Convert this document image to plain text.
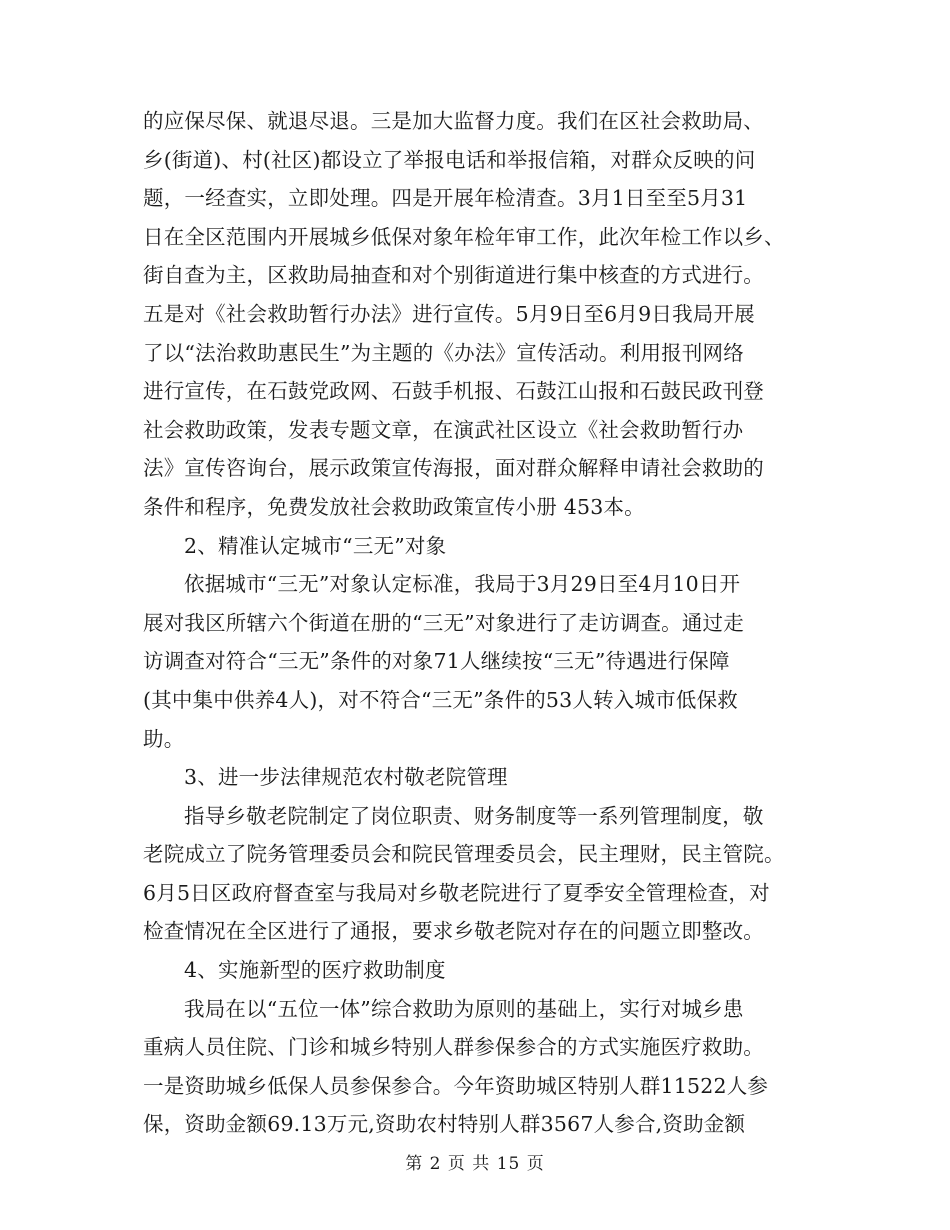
的应保尽保、就退尽退。三是加大监督力度。我们在区社会救助局、
乡(街道)、村(社区)都设立了举报电话和举报信箱，对群众反映的问
题，一经查实，立即处理。四是开展年检清查。3月1日至至5月31
日在全区范围内开展城乡低保对象年检年审工作，此次年检工作以乡、
街自查为主，区救助局抽查和对个别街道进行集中核查的方式进行。
五是对《社会救助暂行办法》进行宣传。5月9日至6月9日我局开展
了以“法治救助惠民生”为主题的《办法》宣传活动。利用报刊网络
进行宣传，在石鼓党政网、石鼓手机报、石鼓江山报和石鼓民政刊登
社会救助政策，发表专题文章，在演武社区设立《社会救助暂行办
法》宣传咨询台，展示政策宣传海报，面对群众解释申请社会救助的
条件和程序，免费发放社会救助政策宣传小册 453本。
2、精准认定城市“三无”对象
依据城市“三无”对象认定标准，我局于3月29日至4月10日开
展对我区所辖六个街道在册的“三无”对象进行了走访调查。通过走
访调查对符合“三无”条件的对象71人继续按“三无”待遇进行保障
(其中集中供养4人)，对不符合“三无”条件的53人转入城市低保救
助。
3、进一步法律规范农村敬老院管理
指导乡敬老院制定了岗位职责、财务制度等一系列管理制度，敬
老院成立了院务管理委员会和院民管理委员会，民主理财，民主管院。
6月5日区政府督查室与我局对乡敬老院进行了夏季安全管理检查，对
检查情况在全区进行了通报，要求乡敬老院对存在的问题立即整改。
4、实施新型的医疗救助制度
我局在以“五位一体”综合救助为原则的基础上，实行对城乡患
重病人员住院、门诊和城乡特别人群参保参合的方式实施医疗救助。
一是资助城乡低保人员参保参合。今年资助城区特别人群11522人参
保，资助金额69.13万元,资助农村特别人群3567人参合,资助金额
第 2 页 共 15 页
